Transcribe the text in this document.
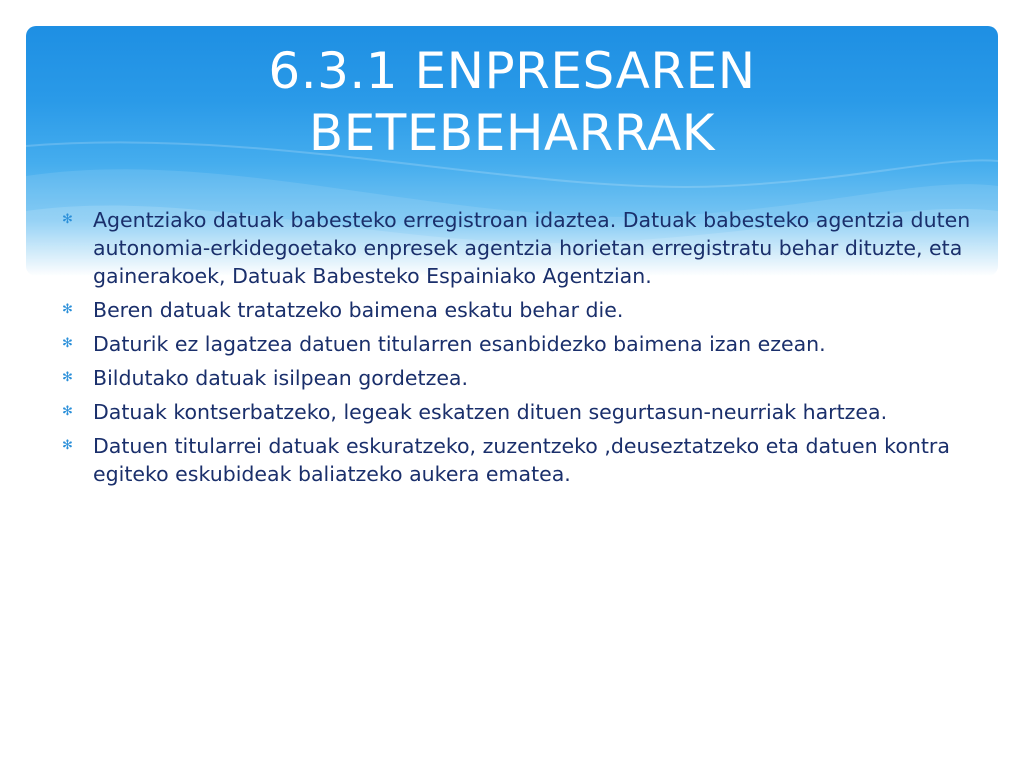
6.3.1 ENPRESAREN
BETEBEHARRAK
✻ Agentziako datuak babesteko erregistroan idaztea. Datuak babesteko agentzia duten autonomia-erkidegoetako enpresek agentzia horietan erregistratu behar dituzte, eta gainerakoek, Datuak Babesteko Espainiako Agentzian.
✻ Beren datuak tratatzeko baimena eskatu behar die.
✻ Daturik ez lagatzea datuen titularren esanbidezko baimena izan ezean.
✻ Bildutako datuak isilpean gordetzea.
✻ Datuak kontserbatzeko, legeak eskatzen dituen segurtasun-neurriak hartzea.
✻ Datuen titularrei datuak eskuratzeko, zuzentzeko ,deuseztatzeko eta datuen kontra egiteko eskubideak baliatzeko aukera ematea.
